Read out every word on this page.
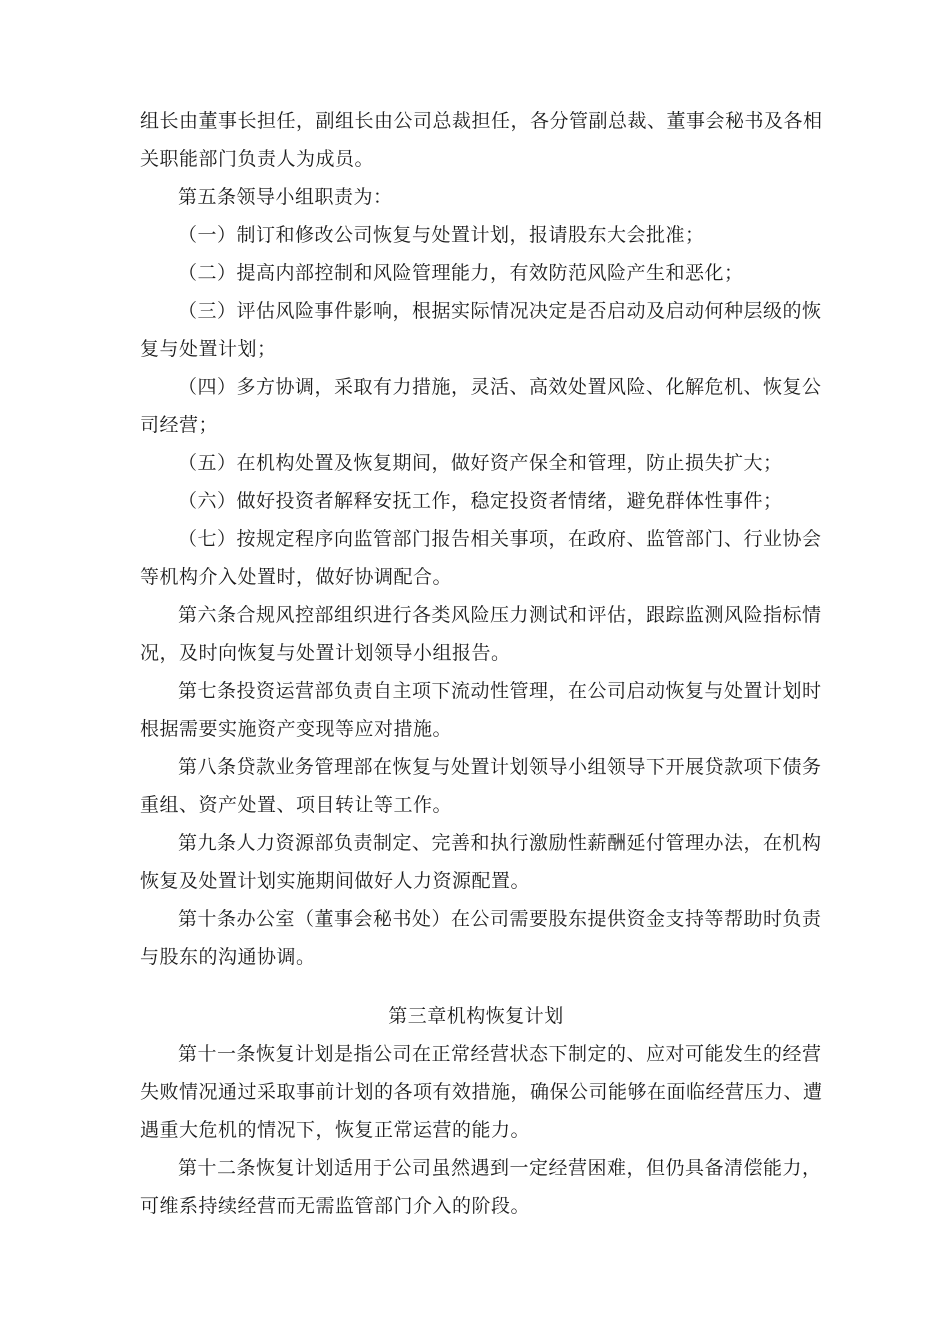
组长由董事长担任，副组长由公司总裁担任，各分管副总裁、董事会秘书及各相
关职能部门负责人为成员。
第五条领导小组职责为：
（一）制订和修改公司恢复与处置计划，报请股东大会批准；
（二）提高内部控制和风险管理能力，有效防范风险产生和恶化；
（三）评估风险事件影响，根据实际情况决定是否启动及启动何种层级的恢
复与处置计划；
（四）多方协调，采取有力措施，灵活、高效处置风险、化解危机、恢复公
司经营；
（五）在机构处置及恢复期间，做好资产保全和管理，防止损失扩大；
（六）做好投资者解释安抚工作，稳定投资者情绪，避免群体性事件；
（七）按规定程序向监管部门报告相关事项，在政府、监管部门、行业协会
等机构介入处置时，做好协调配合。
第六条合规风控部组织进行各类风险压力测试和评估，跟踪监测风险指标情
况，及时向恢复与处置计划领导小组报告。
第七条投资运营部负责自主项下流动性管理，在公司启动恢复与处置计划时
根据需要实施资产变现等应对措施。
第八条贷款业务管理部在恢复与处置计划领导小组领导下开展贷款项下债务
重组、资产处置、项目转让等工作。
第九条人力资源部负责制定、完善和执行激励性薪酬延付管理办法，在机构
恢复及处置计划实施期间做好人力资源配置。
第十条办公室（董事会秘书处）在公司需要股东提供资金支持等帮助时负责
与股东的沟通协调。
第三章机构恢复计划
第十一条恢复计划是指公司在正常经营状态下制定的、应对可能发生的经营
失败情况通过采取事前计划的各项有效措施，确保公司能够在面临经营压力、遭
遇重大危机的情况下，恢复正常运营的能力。
第十二条恢复计划适用于公司虽然遇到一定经营困难，但仍具备清偿能力，
可维系持续经营而无需监管部门介入的阶段。
